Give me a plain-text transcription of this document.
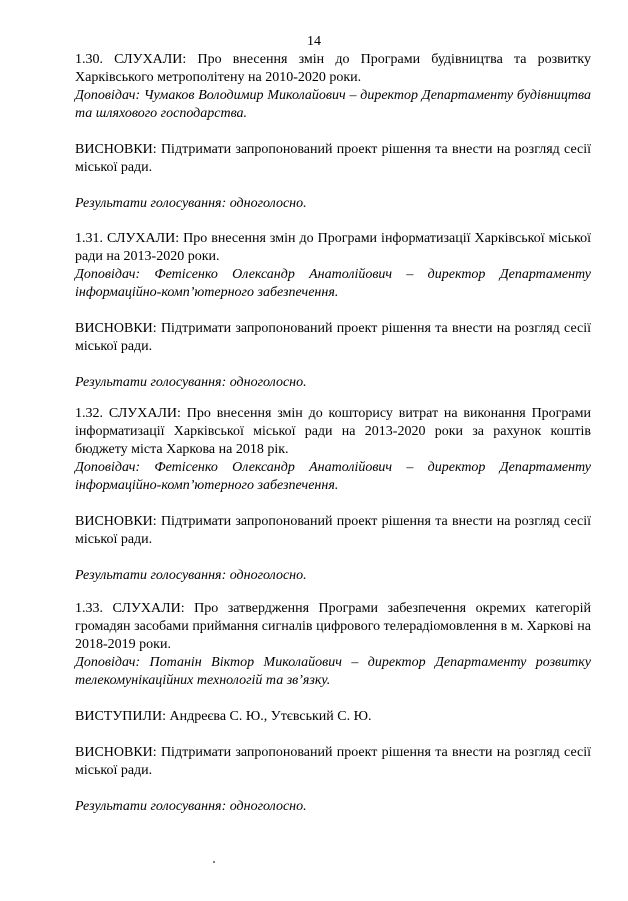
14
1.30. СЛУХАЛИ: Про внесення змін до Програми будівництва та розвитку Харківського метрополітену на 2010-2020 роки.
Доповідач: Чумаков Володимир Миколайович – директор Департаменту будівництва та шляхового господарства.
ВИСНОВКИ: Підтримати запропонований проект рішення та внести на розгляд сесії міської ради.
Результати голосування: одноголосно.
1.31. СЛУХАЛИ: Про внесення змін до Програми інформатизації Харківської міської ради на 2013-2020 роки.
Доповідач: Фетісенко Олександр Анатолійович – директор Департаменту інформаційно-комп’ютерного забезпечення.
ВИСНОВКИ: Підтримати запропонований проект рішення та внести на розгляд сесії міської ради.
Результати голосування: одноголосно.
1.32. СЛУХАЛИ: Про внесення змін до кошторису витрат на виконання Програми інформатизації Харківської міської ради на 2013-2020 роки за рахунок коштів бюджету міста Харкова на 2018 рік.
Доповідач: Фетісенко Олександр Анатолійович – директор Департаменту інформаційно-комп’ютерного забезпечення.
ВИСНОВКИ: Підтримати запропонований проект рішення та внести на розгляд сесії міської ради.
Результати голосування: одноголосно.
1.33. СЛУХАЛИ: Про затвердження Програми забезпечення окремих категорій громадян засобами приймання сигналів цифрового телерадіомовлення в м. Харкові на 2018-2019 роки.
Доповідач: Потанін Віктор Миколайович – директор Департаменту розвитку телекомунікаційних технологій та зв’язку.
ВИСТУПИЛИ: Андреєва С. Ю., Утєвський С. Ю.
ВИСНОВКИ: Підтримати запропонований проект рішення та внести на розгляд сесії міської ради.
Результати голосування: одноголосно.
